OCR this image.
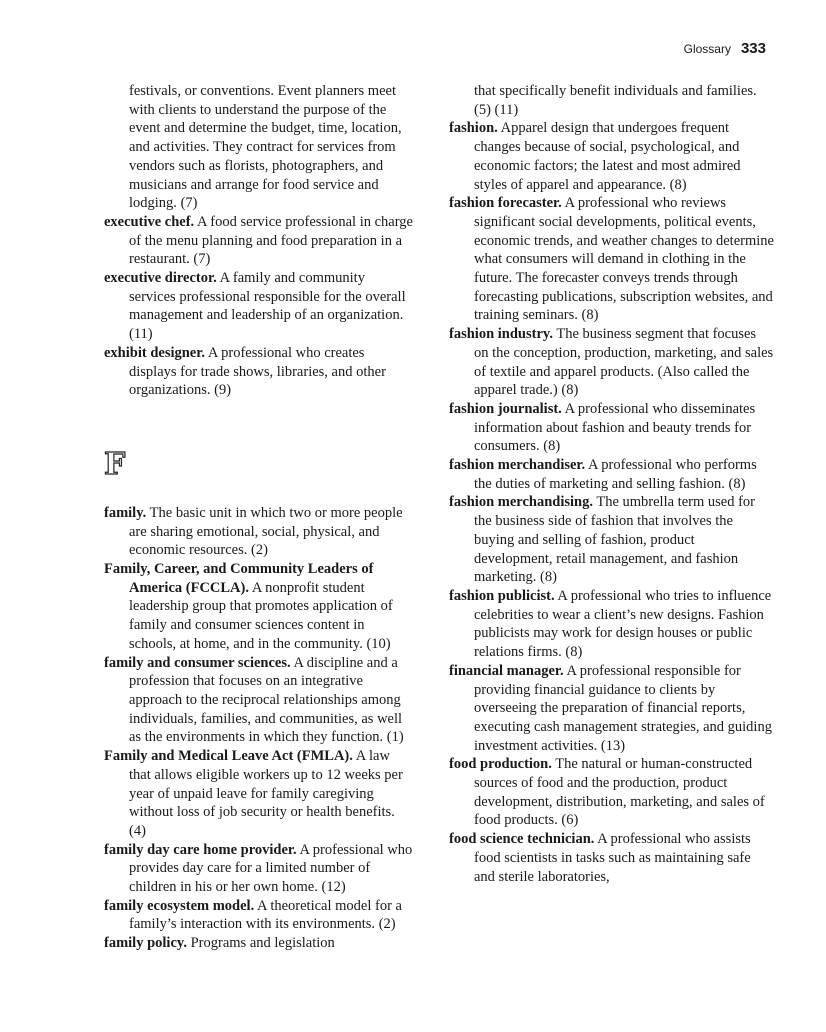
Glossary 333

festivals, or conventions. Event planners meet with clients to understand the purpose of the event and determine the budget, time, location, and activities. They contract for services from vendors such as florists, photographers, and musicians and arrange for food service and lodging. (7)

executive chef. A food service professional in charge of the menu planning and food preparation in a restaurant. (7)

executive director. A family and community services professional responsible for the overall management and leadership of an organization. (11)

exhibit designer. A professional who creates displays for trade shows, libraries, and other organizations. (9)

F

family. The basic unit in which two or more people are sharing emotional, social, physical, and economic resources. (2)

Family, Career, and Community Leaders of America (FCCLA). A nonprofit student leadership group that promotes application of family and consumer sciences content in schools, at home, and in the community. (10)

family and consumer sciences. A discipline and a profession that focuses on an integrative approach to the reciprocal relationships among individuals, families, and communities, as well as the environments in which they function. (1)

Family and Medical Leave Act (FMLA). A law that allows eligible workers up to 12 weeks per year of unpaid leave for family caregiving without loss of job security or health benefits. (4)

family day care home provider. A professional who provides day care for a limited number of children in his or her own home. (12)

family ecosystem model. A theoretical model for a family’s interaction with its environments. (2)

family policy. Programs and legislation

that specifically benefit individuals and families. (5) (11)

fashion. Apparel design that undergoes frequent changes because of social, psychological, and economic factors; the latest and most admired styles of apparel and appearance. (8)

fashion forecaster. A professional who reviews significant social developments, political events, economic trends, and weather changes to determine what consumers will demand in clothing in the future. The forecaster conveys trends through forecasting publications, subscription websites, and training seminars. (8)

fashion industry. The business segment that focuses on the conception, production, marketing, and sales of textile and apparel products. (Also called the apparel trade.) (8)

fashion journalist. A professional who disseminates information about fashion and beauty trends for consumers. (8)

fashion merchandiser. A professional who performs the duties of marketing and selling fashion. (8)

fashion merchandising. The umbrella term used for the business side of fashion that involves the buying and selling of fashion, product development, retail management, and fashion marketing. (8)

fashion publicist. A professional who tries to influence celebrities to wear a client’s new designs. Fashion publicists may work for design houses or public relations firms. (8)

financial manager. A professional responsible for providing financial guidance to clients by overseeing the preparation of financial reports, executing cash management strategies, and guiding investment activities. (13)

food production. The natural or human-constructed sources of food and the production, product development, distribution, marketing, and sales of food products. (6)

food science technician. A professional who assists food scientists in tasks such as maintaining safe and sterile laboratories,
